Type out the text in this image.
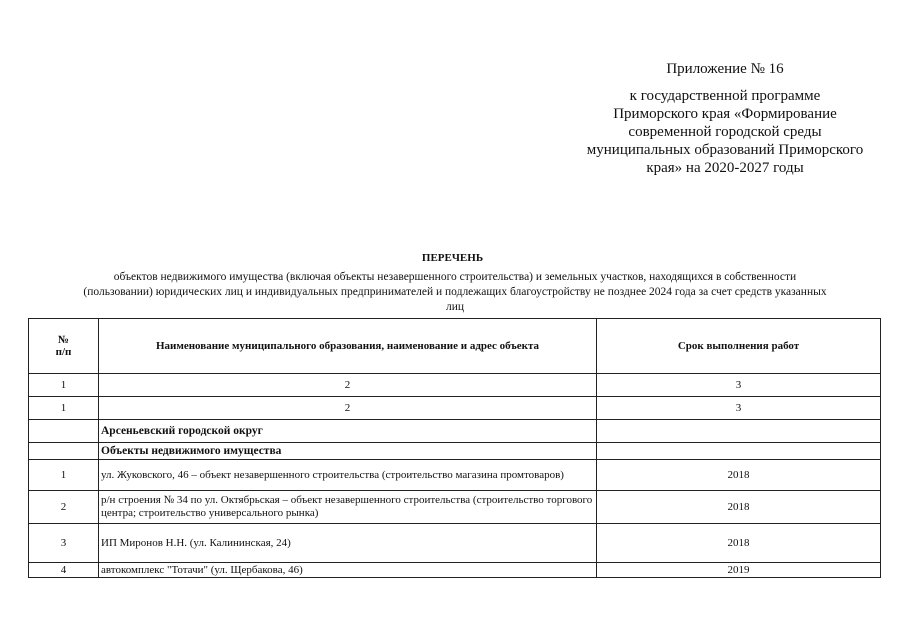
Приложение № 16
к государственной программе
Приморского края «Формирование
современной городской среды
муниципальных образований Приморского
края» на 2020-2027 годы
ПЕРЕЧЕНЬ
объектов недвижимого имущества (включая объекты незавершенного строительства) и земельных участков, находящихся в собственности
(пользовании) юридических лиц и индивидуальных предпринимателей и подлежащих благоустройству не позднее 2024 года за счет средств указанных
лиц
№
п/п	Наименование муниципального образования, наименование и адрес объекта	Срок выполнения работ
1	2	3
1	2	3
	Арсеньевский городской округ	
	Объекты недвижимого имущества	
1	ул. Жуковского, 46 – объект незавершенного строительства (строительство магазина промтоваров)	2018
2	р/н строения № 34 по ул. Октябрьская – объект незавершенного строительства (строительство торгового центра; строительство универсального рынка)	2018
3	ИП Миронов Н.Н. (ул. Калининская, 24)	2018
4	автокомплекс "Тотачи" (ул. Щербакова, 46)	2019
